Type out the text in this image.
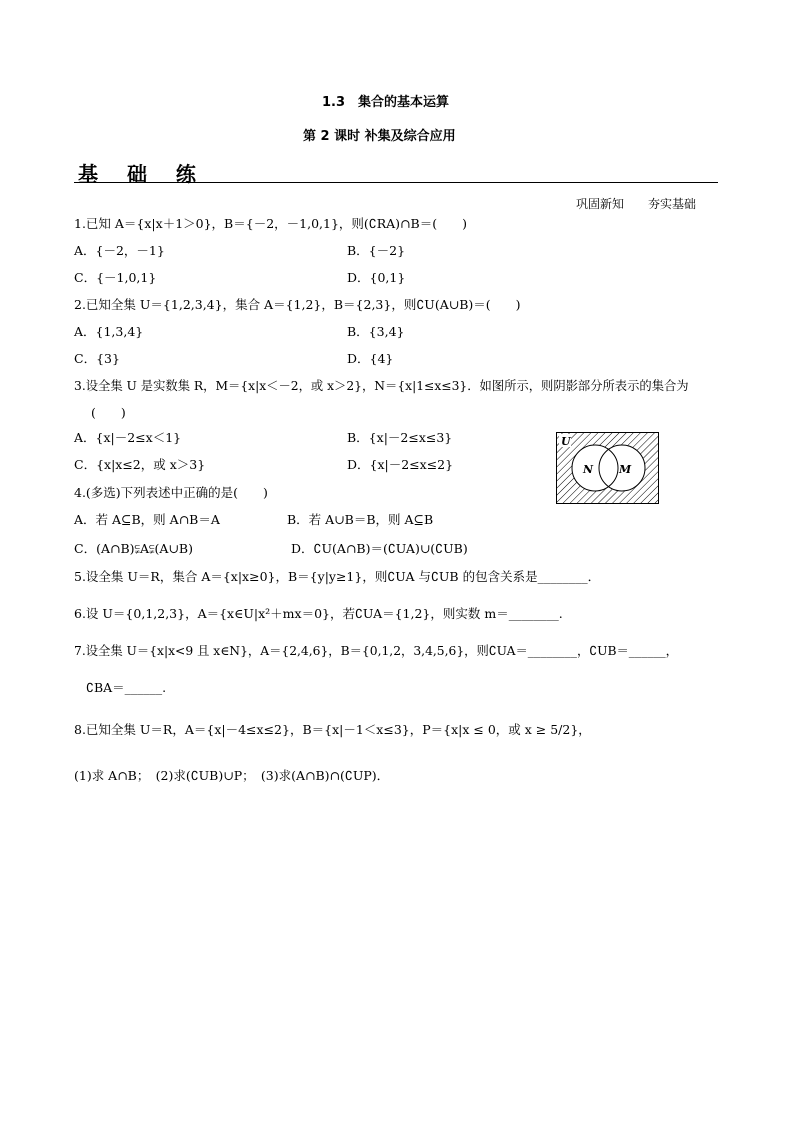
1.3　集合的基本运算
第 2 课时 补集及综合应用
基 础 练
巩固新知　　夯实基础
1.已知 A＝{x|x＋1＞0}，B＝{－2，－1,0,1}，则(∁RA)∩B＝(　　)
A．{－2，－1}	B．{－2}
C．{－1,0,1}	D．{0,1}
2.已知全集 U＝{1,2,3,4}，集合 A＝{1,2}，B＝{2,3}，则∁U(A∪B)＝(　　)
A．{1,3,4}	B．{3,4}
C．{3}	D．{4}
3.设全集 U 是实数集 R，M＝{x|x＜－2，或 x＞2}，N＝{x|1≤x≤3}．如图所示，则阴影部分所表示的集合为
(　　)
A．{x|－2≤x＜1}	B．{x|－2≤x≤3}
C．{x|x≤2，或 x＞3}	D．{x|－2≤x≤2}
U
N M
4.(多选)下列表述中正确的是(　　)
A．若 A⊆B，则 A∩B＝A	B．若 A∪B＝B，则 A⊆B
C．(A∩B)⫋A⫋(A∪B)	D．∁U(A∩B)＝(∁UA)∪(∁UB)
5.设全集 U＝R，集合 A＝{x|x≥0}，B＝{y|y≥1}，则∁UA 与∁UB 的包含关系是________．
6.设 U＝{0,1,2,3}，A＝{x∈U|x²＋mx＝0}，若∁UA＝{1,2}，则实数 m＝________.
7.设全集 U＝{x|x<9 且 x∈N}，A＝{2,4,6}，B＝{0,1,2，3,4,5,6}，则∁UA＝________，∁UB＝______，
∁BA＝______.
8.已知全集 U＝R，A＝{x|－4≤x≤2}，B＝{x|－1＜x≤3}，P＝{x|x ≤ 0，或 x ≥ 5/2}，
(1)求 A∩B；　(2)求(∁UB)∪P；　(3)求(A∩B)∩(∁UP)．
